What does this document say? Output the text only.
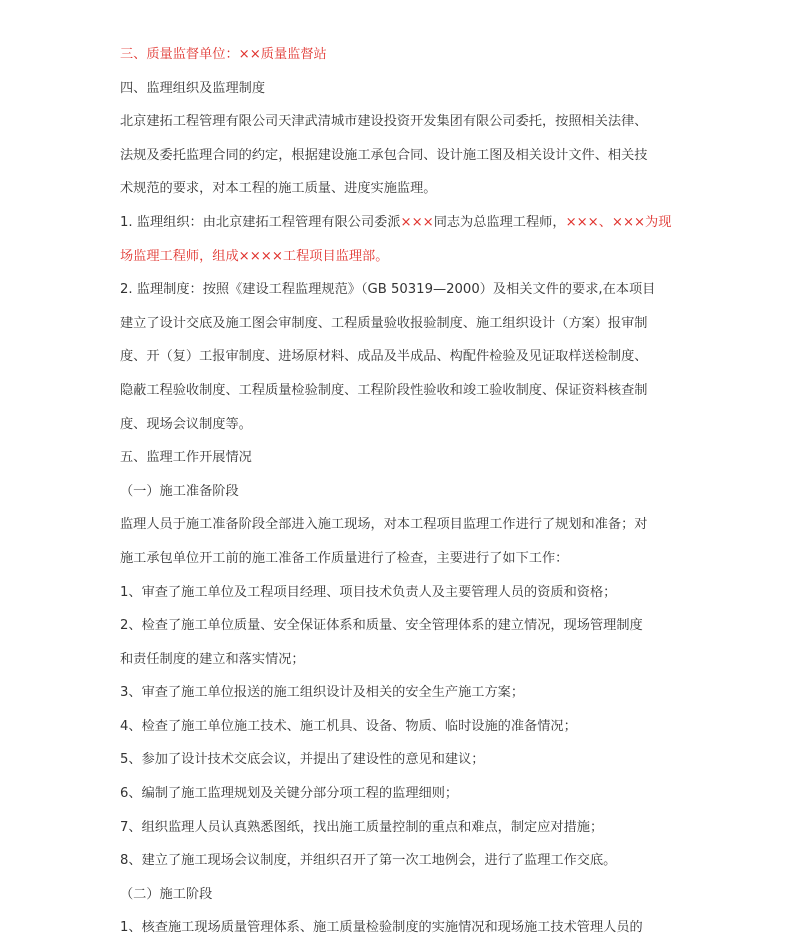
三、质量监督单位：××质量监督站
四、监理组织及监理制度
北京建拓工程管理有限公司天津武清城市建设投资开发集团有限公司委托，按照相关法律、
法规及委托监理合同的约定，根据建设施工承包合同、设计施工图及相关设计文件、相关技
术规范的要求，对本工程的施工质量、进度实施监理。
1. 监理组织：由北京建拓工程管理有限公司委派×××同志为总监理工程师，×××、×××为现
场监理工程师，组成××××工程项目监理部。
2. 监理制度：按照《建设工程监理规范》（GB 50319—2000）及相关文件的要求,在本项目
建立了设计交底及施工图会审制度、工程质量验收报验制度、施工组织设计（方案）报审制
度、开（复）工报审制度、进场原材料、成品及半成品、构配件检验及见证取样送检制度、
隐蔽工程验收制度、工程质量检验制度、工程阶段性验收和竣工验收制度、保证资料核查制
度、现场会议制度等。
五、监理工作开展情况
（一）施工准备阶段
监理人员于施工准备阶段全部进入施工现场，对本工程项目监理工作进行了规划和准备；对
施工承包单位开工前的施工准备工作质量进行了检查，主要进行了如下工作：
1、审查了施工单位及工程项目经理、项目技术负责人及主要管理人员的资质和资格；
2、检查了施工单位质量、安全保证体系和质量、安全管理体系的建立情况，现场管理制度
和责任制度的建立和落实情况；
3、审查了施工单位报送的施工组织设计及相关的安全生产施工方案；
4、检查了施工单位施工技术、施工机具、设备、物质、临时设施的准备情况；
5、参加了设计技术交底会议，并提出了建设性的意见和建议；
6、编制了施工监理规划及关键分部分项工程的监理细则；
7、组织监理人员认真熟悉图纸，找出施工质量控制的重点和难点，制定应对措施；
8、建立了施工现场会议制度，并组织召开了第一次工地例会，进行了监理工作交底。
（二）施工阶段
1、核查施工现场质量管理体系、施工质量检验制度的实施情况和现场施工技术管理人员的
